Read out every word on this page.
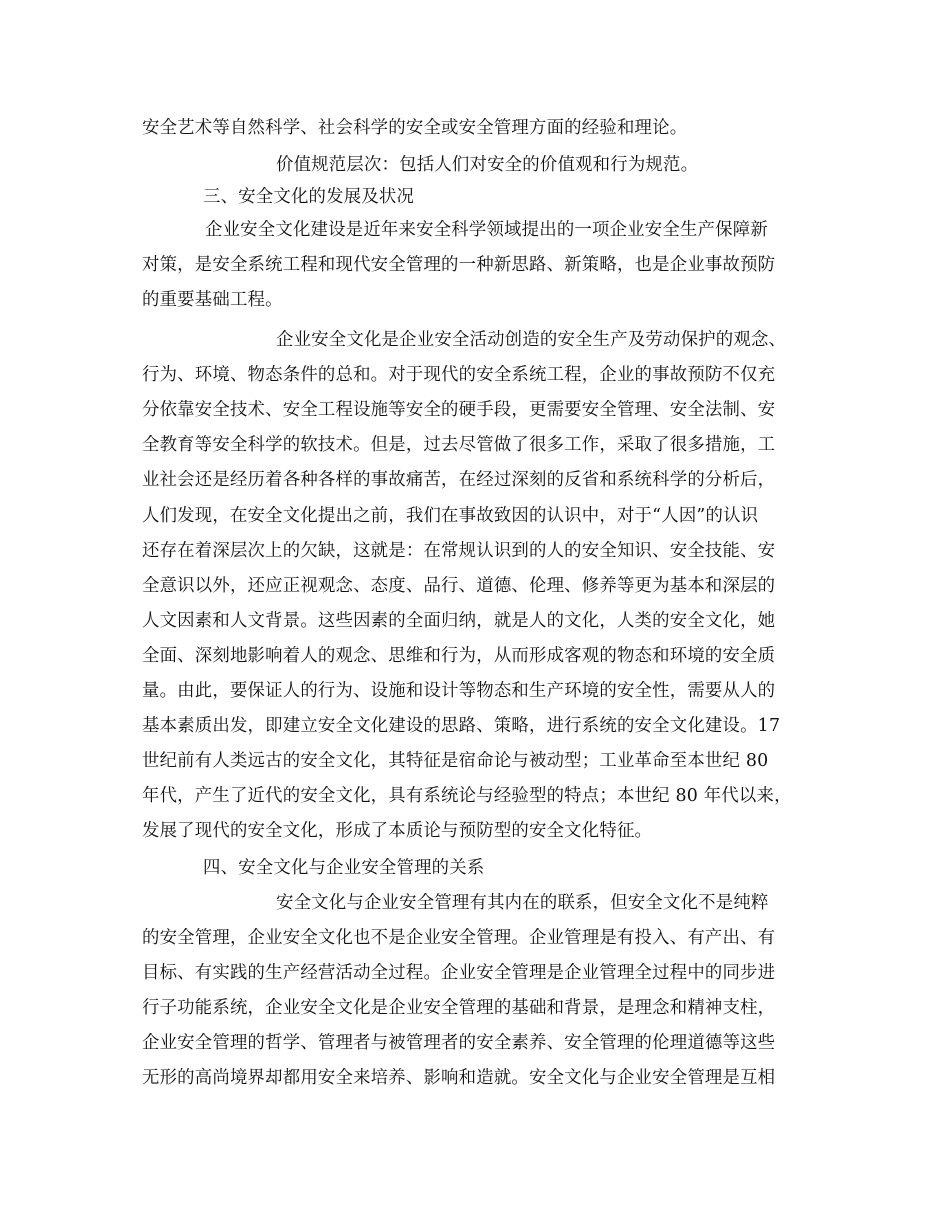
安全艺术等自然科学、社会科学的安全或安全管理方面的经验和理论。
价值规范层次：包括人们对安全的价值观和行为规范。
三、安全文化的发展及状况
企业安全文化建设是近年来安全科学领域提出的一项企业安全生产保障新
对策，是安全系统工程和现代安全管理的一种新思路、新策略，也是企业事故预防
的重要基础工程。
企业安全文化是企业安全活动创造的安全生产及劳动保护的观念、
行为、环境、物态条件的总和。对于现代的安全系统工程，企业的事故预防不仅充
分依靠安全技术、安全工程设施等安全的硬手段，更需要安全管理、安全法制、安
全教育等安全科学的软技术。但是，过去尽管做了很多工作，采取了很多措施，工
业社会还是经历着各种各样的事故痛苦，在经过深刻的反省和系统科学的分析后，
人们发现，在安全文化提出之前，我们在事故致因的认识中，对于“人因”的认识
还存在着深层次上的欠缺，这就是：在常规认识到的人的安全知识、安全技能、安
全意识以外，还应正视观念、态度、品行、道德、伦理、修养等更为基本和深层的
人文因素和人文背景。这些因素的全面归纳，就是人的文化，人类的安全文化，她
全面、深刻地影响着人的观念、思维和行为，从而形成客观的物态和环境的安全质
量。由此，要保证人的行为、设施和设计等物态和生产环境的安全性，需要从人的
基本素质出发，即建立安全文化建设的思路、策略，进行系统的安全文化建设。17
世纪前有人类远古的安全文化，其特征是宿命论与被动型；工业革命至本世纪 80
年代，产生了近代的安全文化，具有系统论与经验型的特点；本世纪 80 年代以来，
发展了现代的安全文化，形成了本质论与预防型的安全文化特征。
四、安全文化与企业安全管理的关系
安全文化与企业安全管理有其内在的联系，但安全文化不是纯粹
的安全管理，企业安全文化也不是企业安全管理。企业管理是有投入、有产出、有
目标、有实践的生产经营活动全过程。企业安全管理是企业管理全过程中的同步进
行子功能系统，企业安全文化是企业安全管理的基础和背景，是理念和精神支柱，
企业安全管理的哲学、管理者与被管理者的安全素养、安全管理的伦理道德等这些
无形的高尚境界却都用安全来培养、影响和造就。安全文化与企业安全管理是互相
